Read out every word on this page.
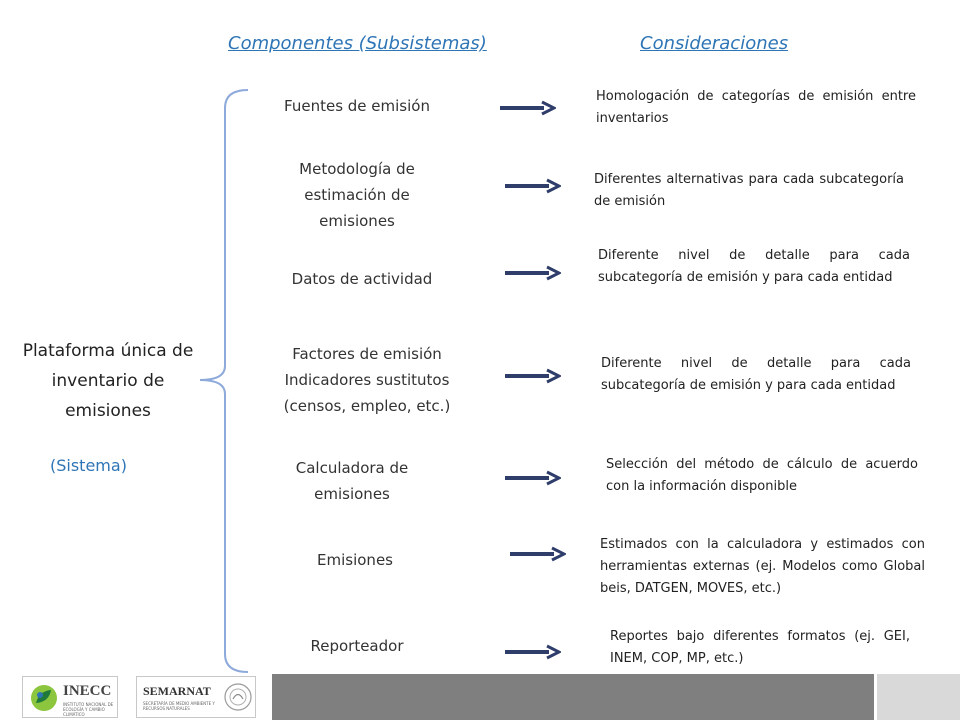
Componentes (Subsistemas)	Consideraciones
Plataforma única de inventario de emisiones
(Sistema)
Fuentes de emisión
Metodología de estimación de emisiones
Datos de actividad
Factores de emisión Indicadores sustitutos (censos, empleo, etc.)
Calculadora de emisiones
Emisiones
Reporteador
Homologación de categorías de emisión entre inventarios
Diferentes alternativas para cada subcategoría de emisión
Diferente nivel de detalle para cada subcategoría de emisión y para cada entidad
Diferente nivel de detalle para cada subcategoría de emisión y para cada entidad
Selección del método de cálculo de acuerdo con la información disponible
Estimados con la calculadora y estimados con herramientas externas (ej. Modelos como Global beis, DATGEN, MOVES, etc.)
Reportes bajo diferentes formatos (ej. GEI, INEM, COP, MP, etc.)
INECC
INSTITUTO NACIONAL DE ECOLOGÍA Y CAMBIO CLIMÁTICO
SEMARNAT
SECRETARÍA DE MEDIO AMBIENTE Y RECURSOS NATURALES
